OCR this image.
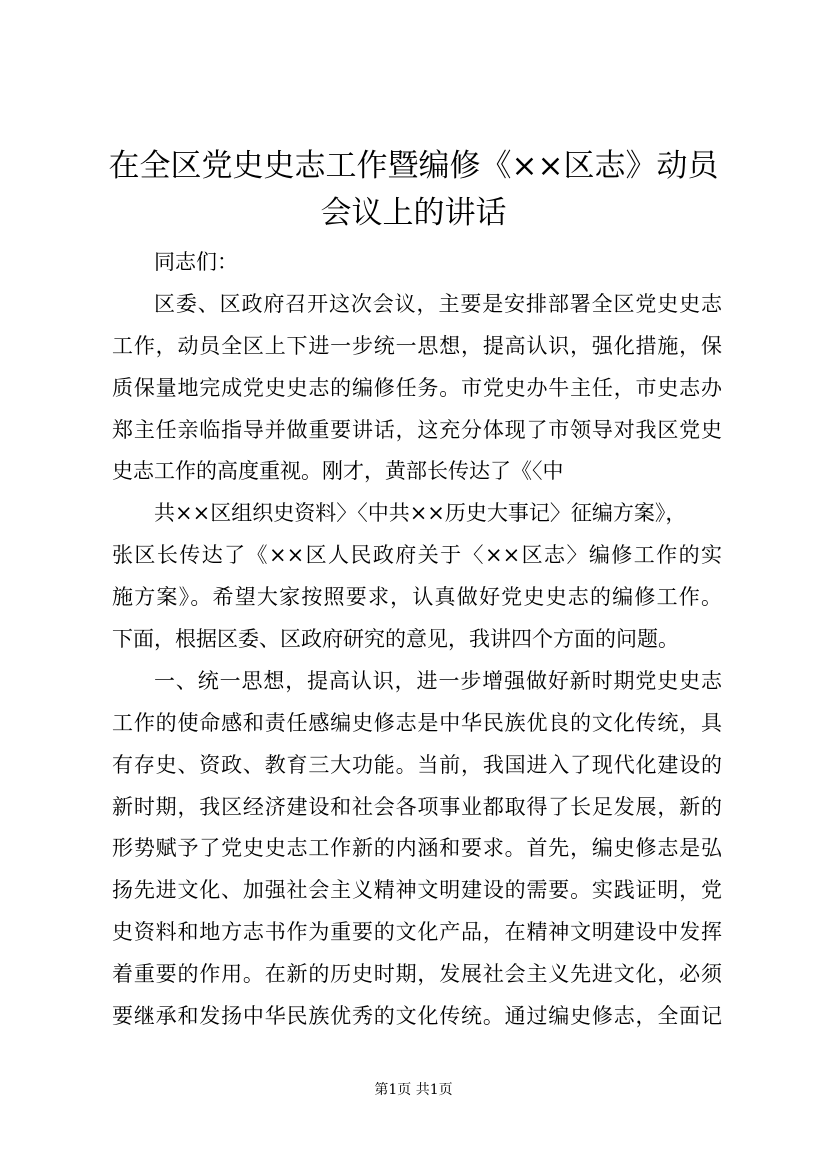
在全区党史史志工作暨编修《××区志》动员
会议上的讲话
同志们：
区委、区政府召开这次会议，主要是安排部署全区党史史志
工作，动员全区上下进一步统一思想，提高认识，强化措施，保
质保量地完成党史史志的编修任务。市党史办牛主任，市史志办
郑主任亲临指导并做重要讲话，这充分体现了市领导对我区党史
史志工作的高度重视。刚才，黄部长传达了《〈中
共××区组织史资料〉〈中共××历史大事记〉征编方案》，
张区长传达了《××区人民政府关于〈××区志〉编修工作的实
施方案》。希望大家按照要求，认真做好党史史志的编修工作。
下面，根据区委、区政府研究的意见，我讲四个方面的问题。
一、统一思想，提高认识，进一步增强做好新时期党史史志
工作的使命感和责任感编史修志是中华民族优良的文化传统，具
有存史、资政、教育三大功能。当前，我国进入了现代化建设的
新时期，我区经济建设和社会各项事业都取得了长足发展，新的
形势赋予了党史史志工作新的内涵和要求。首先，编史修志是弘
扬先进文化、加强社会主义精神文明建设的需要。实践证明，党
史资料和地方志书作为重要的文化产品，在精神文明建设中发挥
着重要的作用。在新的历史时期，发展社会主义先进文化，必须
要继承和发扬中华民族优秀的文化传统。通过编史修志，全面记
第1页 共1页
